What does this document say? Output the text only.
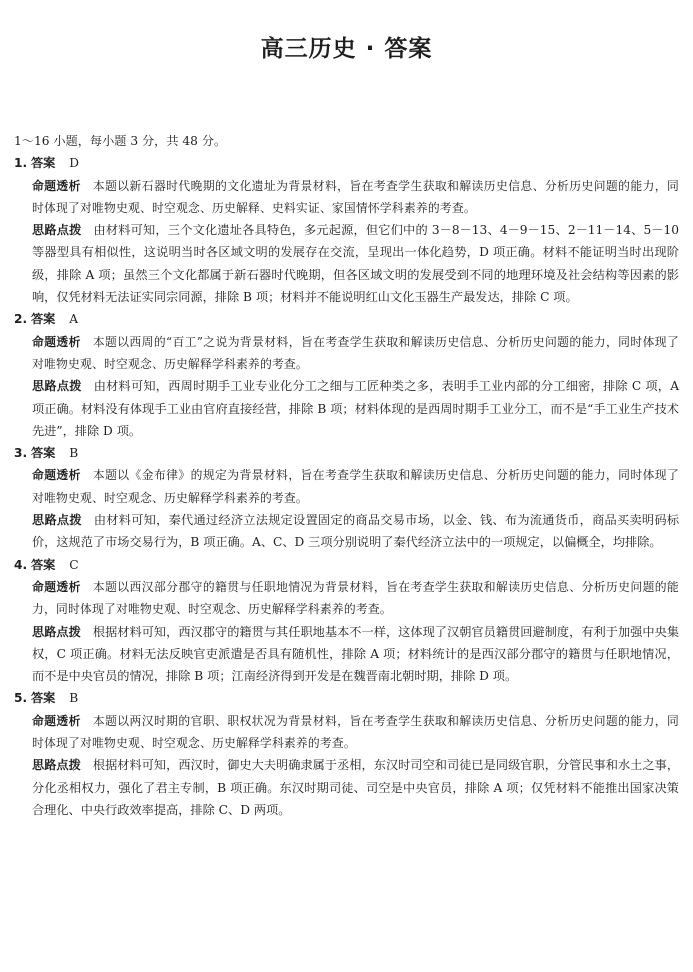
高三历史 · 答案

1～16 小题，每小题 3 分，共 48 分。

1. 答案 D

命题透析 本题以新石器时代晚期的文化遗址为背景材料，旨在考查学生获取和解读历史信息、分析历史问题的能力，同时体现了对唯物史观、时空观念、历史解释、史料实证、家国情怀学科素养的考查。

思路点拨 由材料可知，三个文化遗址各具特色，多元起源，但它们中的 3－8－13、4－9－15、2－11－14、5－10 等器型具有相似性，这说明当时各区域文明的发展存在交流，呈现出一体化趋势，D 项正确。材料不能证明当时出现阶级，排除 A 项；虽然三个文化都属于新石器时代晚期，但各区域文明的发展受到不同的地理环境及社会结构等因素的影响，仅凭材料无法证实同宗同源，排除 B 项；材料并不能说明红山文化玉器生产最发达，排除 C 项。

2. 答案 A

命题透析 本题以西周的“百工”之说为背景材料，旨在考查学生获取和解读历史信息、分析历史问题的能力，同时体现了对唯物史观、时空观念、历史解释学科素养的考查。

思路点拨 由材料可知，西周时期手工业专业化分工之细与工匠种类之多，表明手工业内部的分工细密，排除 C 项，A 项正确。材料没有体现手工业由官府直接经营，排除 B 项；材料体现的是西周时期手工业分工，而不是“手工业生产技术先进”，排除 D 项。

3. 答案 B

命题透析 本题以《金布律》的规定为背景材料，旨在考查学生获取和解读历史信息、分析历史问题的能力，同时体现了对唯物史观、时空观念、历史解释学科素养的考查。

思路点拨 由材料可知，秦代通过经济立法规定设置固定的商品交易市场，以金、钱、布为流通货币，商品买卖明码标价，这规范了市场交易行为，B 项正确。A、C、D 三项分别说明了秦代经济立法中的一项规定，以偏概全，均排除。

4. 答案 C

命题透析 本题以西汉部分郡守的籍贯与任职地情况为背景材料，旨在考查学生获取和解读历史信息、分析历史问题的能力，同时体现了对唯物史观、时空观念、历史解释学科素养的考查。

思路点拨 根据材料可知，西汉郡守的籍贯与其任职地基本不一样，这体现了汉朝官员籍贯回避制度，有利于加强中央集权，C 项正确。材料无法反映官吏派遣是否具有随机性，排除 A 项；材料统计的是西汉部分郡守的籍贯与任职地情况，而不是中央官员的情况，排除 B 项；江南经济得到开发是在魏晋南北朝时期，排除 D 项。

5. 答案 B

命题透析 本题以两汉时期的官职、职权状况为背景材料，旨在考查学生获取和解读历史信息、分析历史问题的能力，同时体现了对唯物史观、时空观念、历史解释学科素养的考查。

思路点拨 根据材料可知，西汉时，御史大夫明确隶属于丞相，东汉时司空和司徒已是同级官职，分管民事和水土之事，分化丞相权力，强化了君主专制，B 项正确。东汉时期司徒、司空是中央官员，排除 A 项；仅凭材料不能推出国家决策合理化、中央行政效率提高，排除 C、D 两项。
